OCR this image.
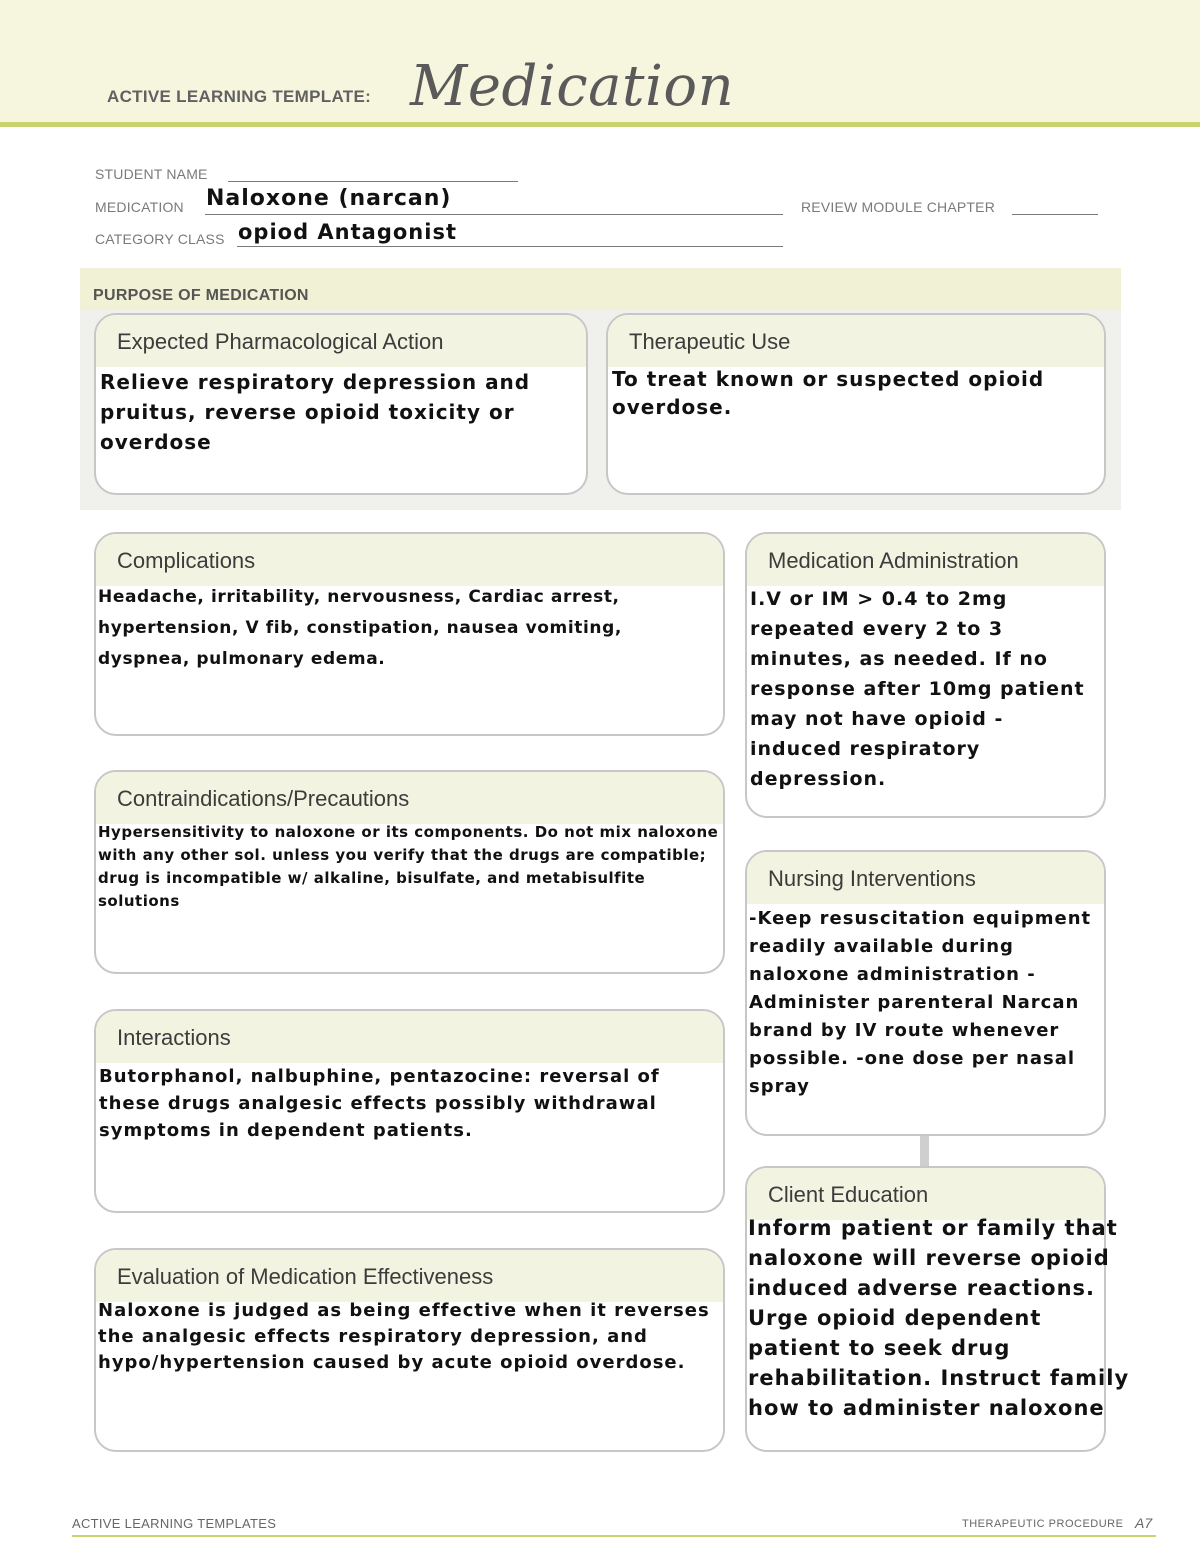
ACTIVE LEARNING TEMPLATE: Medication
STUDENT NAME
MEDICATION Naloxone (narcan)	REVIEW MODULE CHAPTER
CATEGORY CLASS opiod Antagonist
PURPOSE OF MEDICATION
Expected Pharmacological Action
Relieve respiratory depression and pruitus, reverse opioid toxicity or overdose
Therapeutic Use
To treat known or suspected opioid overdose.
Complications
Headache, irritability, nervousness, Cardiac arrest, hypertension, V fib, constipation, nausea vomiting, dyspnea, pulmonary edema.
Contraindications/Precautions
Hypersensitivity to naloxone or its components. Do not mix naloxone with any other sol. unless you verify that the drugs are compatible; drug is incompatible w/ alkaline, bisulfate, and metabisulfite solutions
Interactions
Butorphanol, nalbuphine, pentazocine: reversal of these drugs analgesic effects possibly withdrawal symptoms in dependent patients.
Evaluation of Medication Effectiveness
Naloxone is judged as being effective when it reverses the analgesic effects respiratory depression, and hypo/hypertension caused by acute opioid overdose.
Medication Administration
I.V or IM > 0.4 to 2mg repeated every 2 to 3 minutes, as needed. If no response after 10mg patient may not have opioid - induced respiratory depression.
Nursing Interventions
-Keep resuscitation equipment readily available during naloxone administration -Administer parenteral Narcan brand by IV route whenever possible. -one dose per nasal spray
Client Education
Inform patient or family that naloxone will reverse opioid induced adverse reactions. Urge opioid dependent patient to seek drug rehabilitation. Instruct family how to administer naloxone
ACTIVE LEARNING TEMPLATES	THERAPEUTIC PROCEDURE A7
